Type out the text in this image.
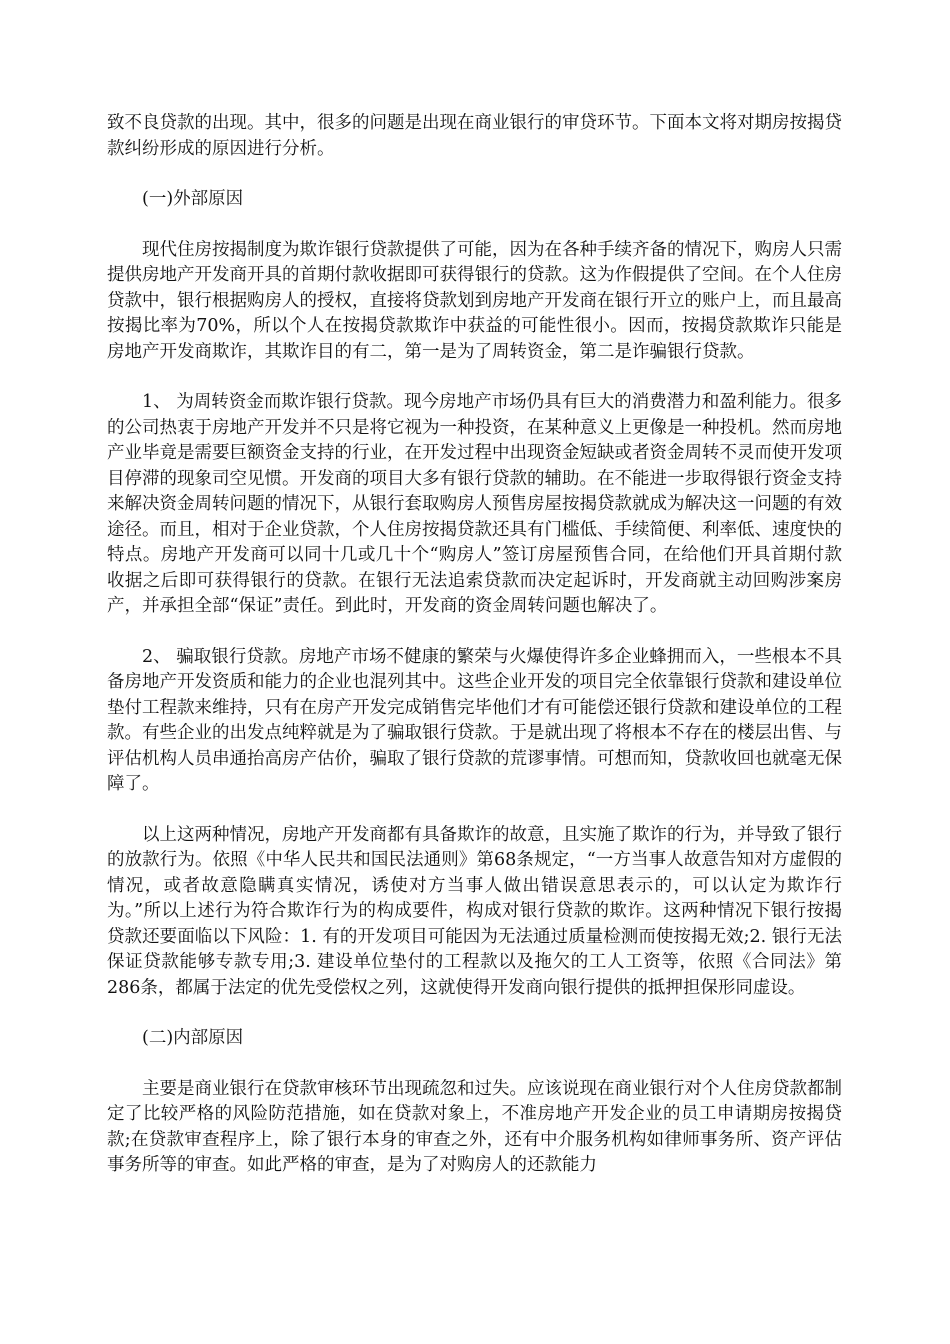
致不良贷款的出现。其中，很多的问题是出现在商业银行的审贷环节。下面本文将对期房按揭贷款纠纷形成的原因进行分析。

(一)外部原因

现代住房按揭制度为欺诈银行贷款提供了可能，因为在各种手续齐备的情况下，购房人只需提供房地产开发商开具的首期付款收据即可获得银行的贷款。这为作假提供了空间。在个人住房贷款中，银行根据购房人的授权，直接将贷款划到房地产开发商在银行开立的账户上，而且最高按揭比率为70%，所以个人在按揭贷款欺诈中获益的可能性很小。因而，按揭贷款欺诈只能是房地产开发商欺诈，其欺诈目的有二，第一是为了周转资金，第二是诈骗银行贷款。

1、 为周转资金而欺诈银行贷款。现今房地产市场仍具有巨大的消费潜力和盈利能力。很多的公司热衷于房地产开发并不只是将它视为一种投资，在某种意义上更像是一种投机。然而房地产业毕竟是需要巨额资金支持的行业，在开发过程中出现资金短缺或者资金周转不灵而使开发项目停滞的现象司空见惯。开发商的项目大多有银行贷款的辅助。在不能进一步取得银行资金支持来解决资金周转问题的情况下，从银行套取购房人预售房屋按揭贷款就成为解决这一问题的有效途径。而且，相对于企业贷款，个人住房按揭贷款还具有门槛低、手续简便、利率低、速度快的特点。房地产开发商可以同十几或几十个“购房人”签订房屋预售合同，在给他们开具首期付款收据之后即可获得银行的贷款。在银行无法追索贷款而决定起诉时，开发商就主动回购涉案房产，并承担全部“保证”责任。到此时，开发商的资金周转问题也解决了。

2、 骗取银行贷款。房地产市场不健康的繁荣与火爆使得许多企业蜂拥而入，一些根本不具备房地产开发资质和能力的企业也混列其中。这些企业开发的项目完全依靠银行贷款和建设单位垫付工程款来维持，只有在房产开发完成销售完毕他们才有可能偿还银行贷款和建设单位的工程款。有些企业的出发点纯粹就是为了骗取银行贷款。于是就出现了将根本不存在的楼层出售、与评估机构人员串通抬高房产估价，骗取了银行贷款的荒谬事情。可想而知，贷款收回也就毫无保障了。

以上这两种情况，房地产开发商都有具备欺诈的故意，且实施了欺诈的行为，并导致了银行的放款行为。依照《中华人民共和国民法通则》第68条规定，“一方当事人故意告知对方虚假的情况，或者故意隐瞒真实情况，诱使对方当事人做出错误意思表示的，可以认定为欺诈行为。”所以上述行为符合欺诈行为的构成要件，构成对银行贷款的欺诈。这两种情况下银行按揭贷款还要面临以下风险：1. 有的开发项目可能因为无法通过质量检测而使按揭无效;2. 银行无法保证贷款能够专款专用;3. 建设单位垫付的工程款以及拖欠的工人工资等，依照《合同法》第286条，都属于法定的优先受偿权之列，这就使得开发商向银行提供的抵押担保形同虚设。

(二)内部原因

主要是商业银行在贷款审核环节出现疏忽和过失。应该说现在商业银行对个人住房贷款都制定了比较严格的风险防范措施，如在贷款对象上，不准房地产开发企业的员工申请期房按揭贷款;在贷款审查程序上，除了银行本身的审查之外，还有中介服务机构如律师事务所、资产评估事务所等的审查。如此严格的审查，是为了对购房人的还款能力
